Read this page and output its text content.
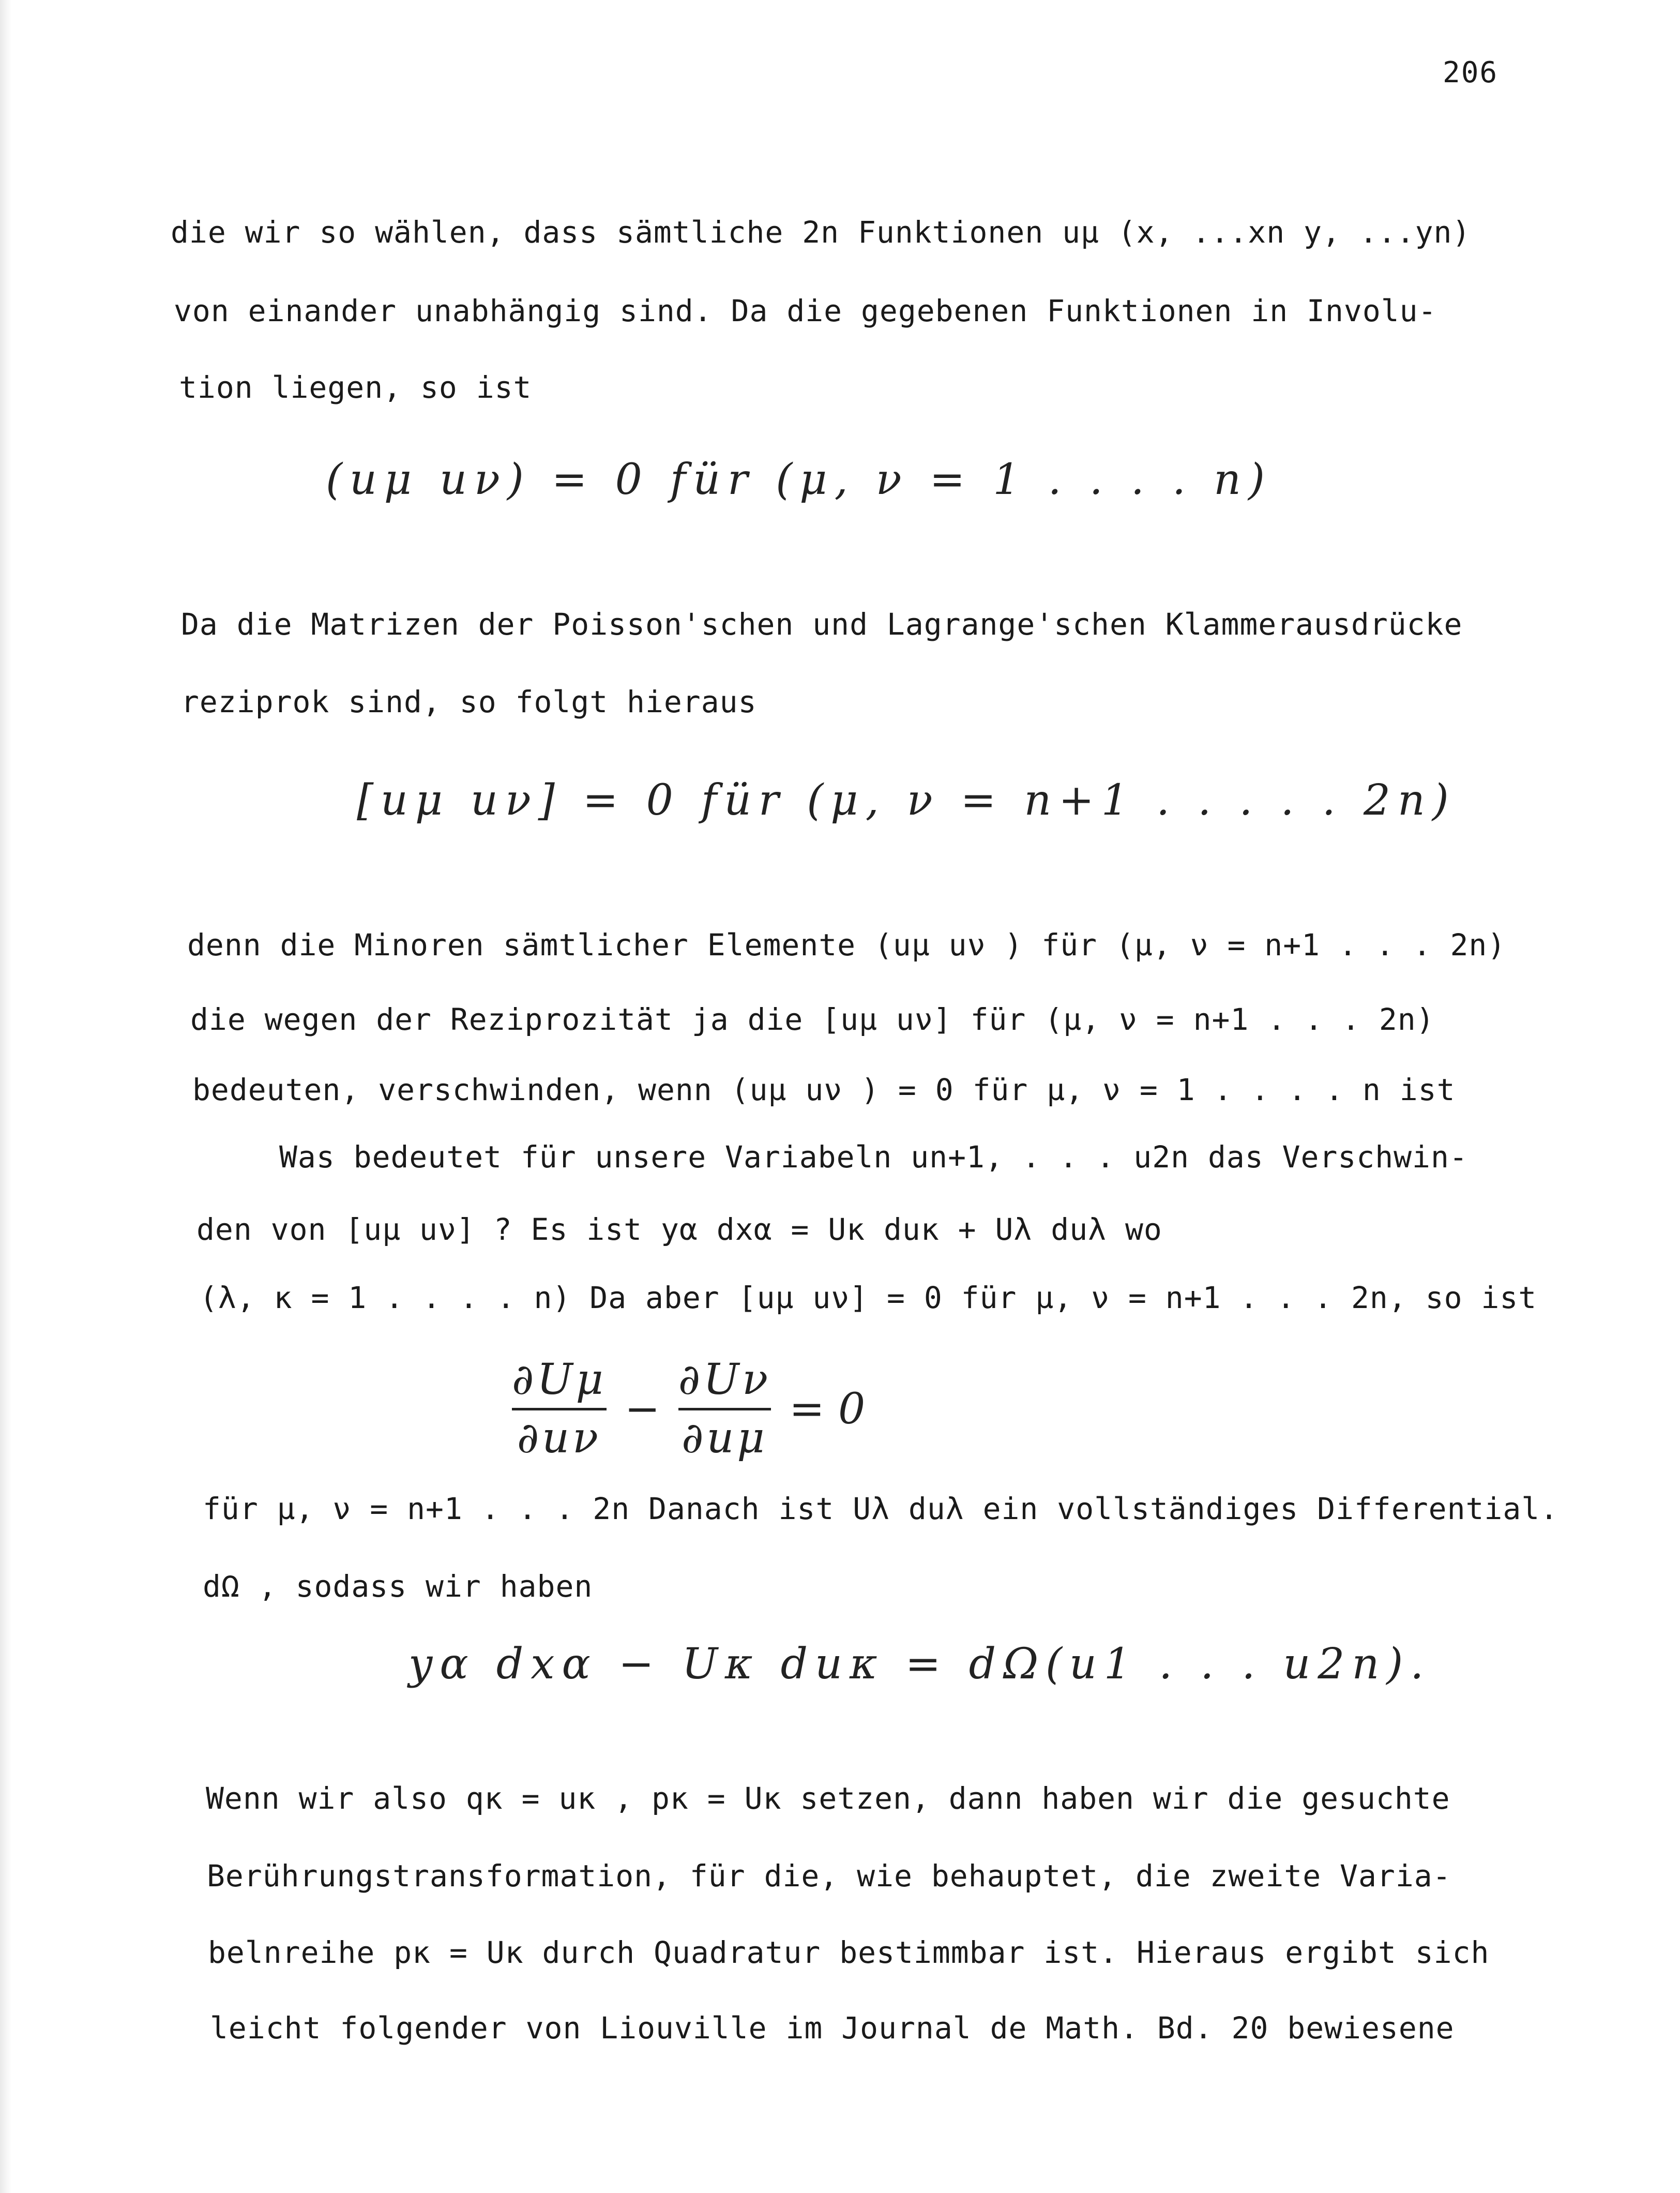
206
die wir so wählen, dass sämtliche 2n Funktionen uμ (x, ...xn y, ...yn)
von einander unabhängig sind. Da die gegebenen Funktionen in Involu-
tion liegen, so ist
(uμ uν) = 0 für (μ, ν = 1 . . . . n)
Da die Matrizen der Poisson'schen und Lagrange'schen Klammerausdrücke
reziprok sind, so folgt hieraus
[uμ uν] = 0 für (μ, ν = n+1 . . . . . 2n)
denn die Minoren sämtlicher Elemente (uμ uν ) für (μ, ν = n+1 . . . 2n)
die wegen der Reziprozität ja die [uμ uν] für (μ, ν = n+1 . . . 2n)
bedeuten, verschwinden, wenn (uμ uν ) = 0 für μ, ν = 1 . . . . n ist
Was bedeutet für unsere Variabeln un+1, . . . u2n das Verschwin-
den von [uμ uν] ? Es ist yα dxα = Uκ duκ + Uλ duλ wo
(λ, κ = 1 . . . . n) Da aber [uμ uν] = 0 für μ, ν = n+1 . . . 2n, so ist
∂Uμ
∂uν
−
∂Uν
∂uμ
= 0
für μ, ν = n+1 . . . 2n Danach ist Uλ duλ ein vollständiges Differential.
dΩ , sodass wir haben
yα dxα − Uκ duκ = dΩ(u1 . . . u2n).
Wenn wir also qκ = uκ , pκ = Uκ setzen, dann haben wir die gesuchte
Berührungstransformation, für die, wie behauptet, die zweite Varia-
belnreihe pκ = Uκ durch Quadratur bestimmbar ist. Hieraus ergibt sich
leicht folgender von Liouville im Journal de Math. Bd. 20 bewiesene
